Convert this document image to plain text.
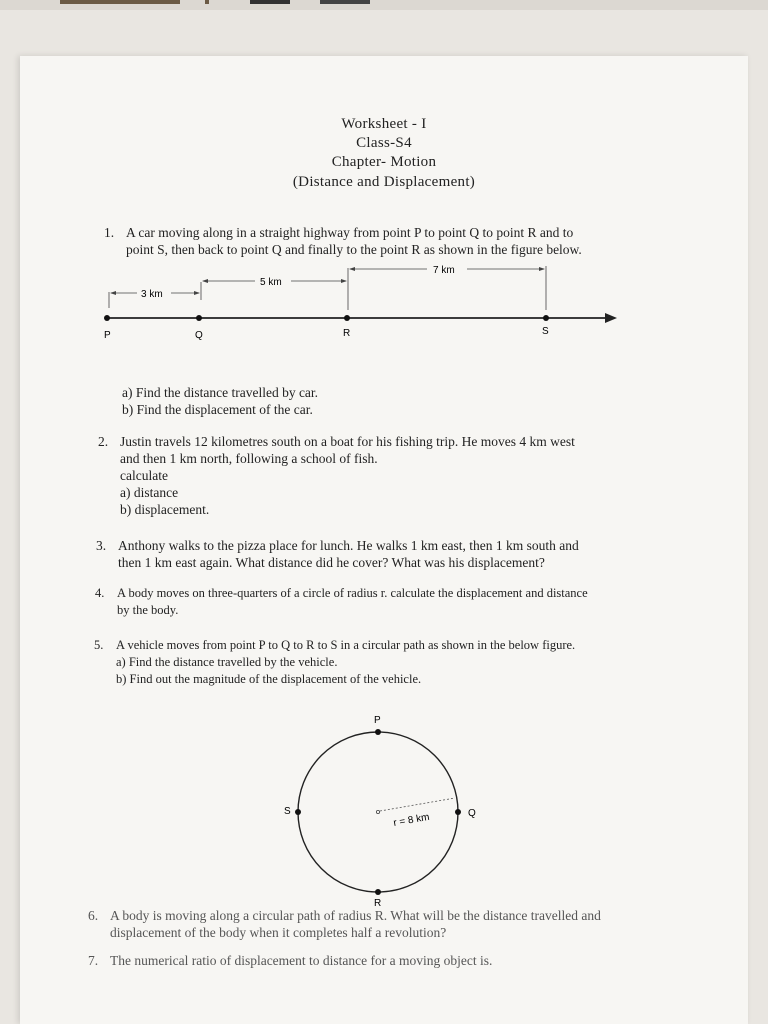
Worksheet - I
Class-S4
Chapter- Motion
(Distance and Displacement)
1. A car moving along in a straight highway from point P to point Q to point R and to
point S, then back to point Q and finally to the point R as shown in the figure below.
P	Q	R	S
3 km
5 km
7 km
a) Find the distance travelled by car.
b) Find the displacement of the car.
2. Justin travels 12 kilometres south on a boat for his fishing trip. He moves 4 km west
and then 1 km north, following a school of fish.
calculate
a) distance
b) displacement.
3. Anthony walks to the pizza place for lunch. He walks 1 km east, then 1 km south and
then 1 km east again. What distance did he cover? What was his displacement?
4. A body moves on three-quarters of a circle of radius r. calculate the displacement and distance
by the body.
5. A vehicle moves from point P to Q to R to S in a circular path as shown in the below figure.
a) Find the distance travelled by the vehicle.
b) Find out the magnitude of the displacement of the vehicle.
P
Q
R
S
r = 8 km
6. A body is moving along a circular path of radius R. What will be the distance travelled and
displacement of the body when it completes half a revolution?
7. The numerical ratio of displacement to distance for a moving object is.
